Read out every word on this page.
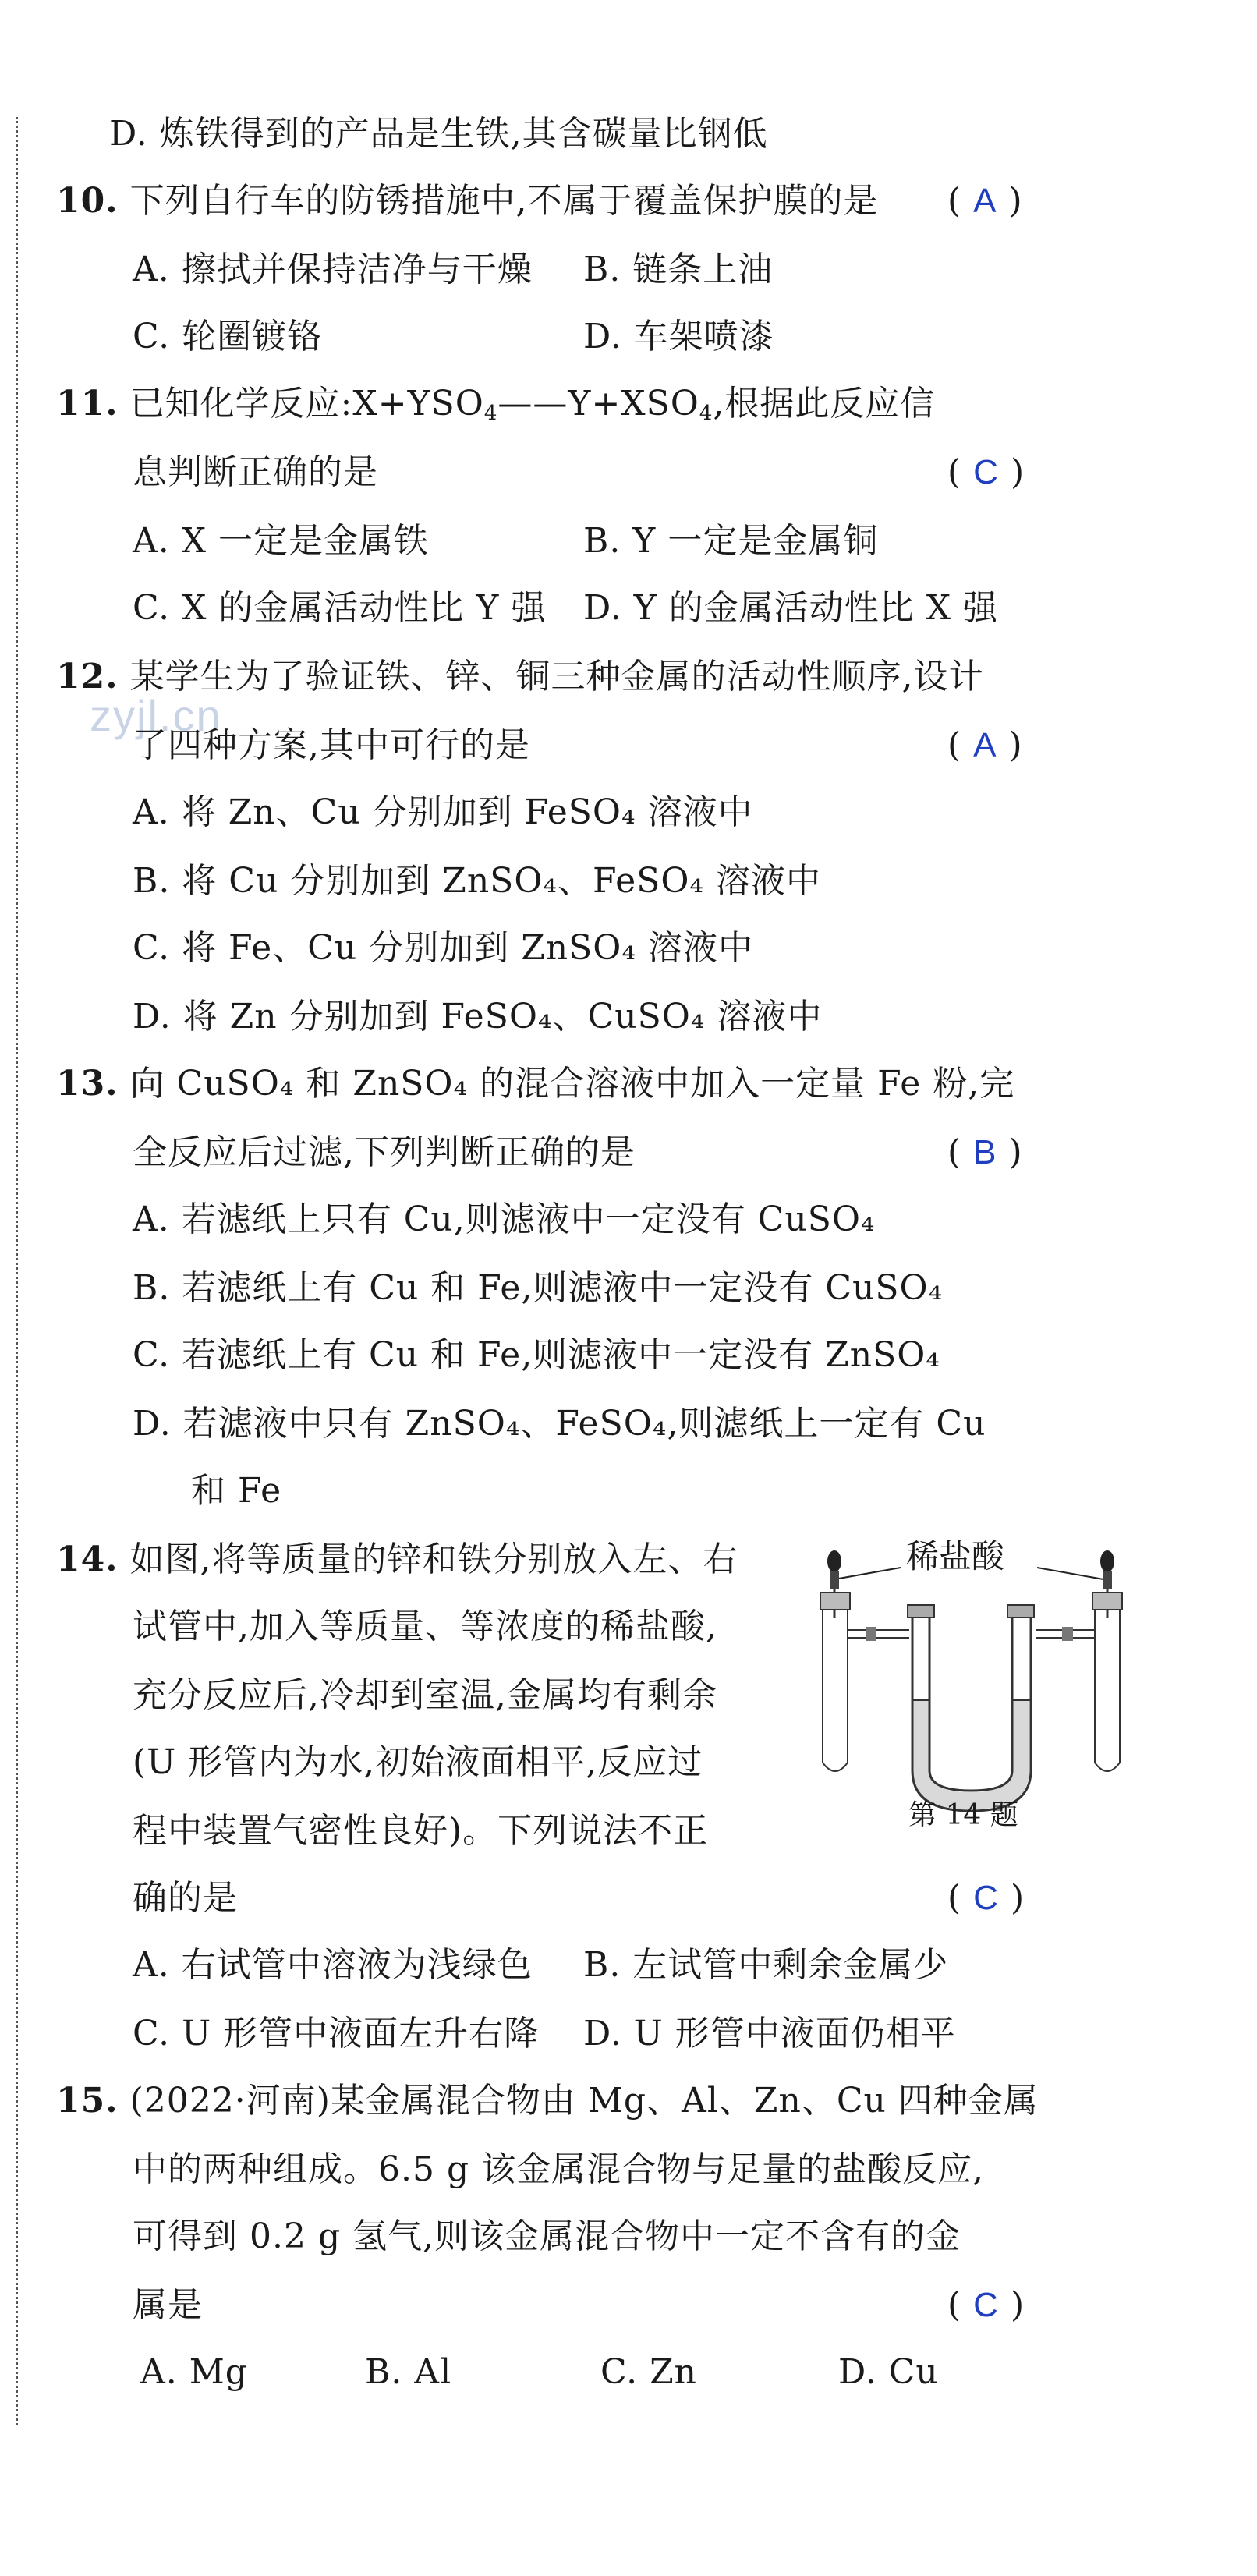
zyjl.cn
D. 炼铁得到的产品是生铁,其含碳量比钢低
10. 下列自行车的防锈措施中,不属于覆盖保护膜的是 ( A )
A. 擦拭并保持洁净与干燥 B. 链条上油
C. 轮圈镀铬	D. 车架喷漆
11. 已知化学反应$:X+YSO_4——Y+XSO_4$,根据此反应信
息判断正确的是	( C )
A. X 一定是金属铁	B. Y 一定是金属铜
C. X 的金属活动性比 Y 强 D. Y 的金属活动性比 X 强
12. 某学生为了验证铁、锌、铜三种金属的活动性顺序,设计
了四种方案,其中可行的是	( A )
A. 将 Zn、Cu 分别加到 FeSO₄ 溶液中
B. 将 Cu 分别加到 ZnSO₄、FeSO₄ 溶液中
C. 将 Fe、Cu 分别加到 ZnSO₄ 溶液中
D. 将 Zn 分别加到 FeSO₄、CuSO₄ 溶液中
13. 向 CuSO₄ 和 ZnSO₄ 的混合溶液中加入一定量 Fe 粉,完
全反应后过滤,下列判断正确的是	( B )
A. 若滤纸上只有 Cu,则滤液中一定没有 CuSO₄
B. 若滤纸上有 Cu 和 Fe,则滤液中一定没有 CuSO₄
C. 若滤纸上有 Cu 和 Fe,则滤液中一定没有 ZnSO₄
D. 若滤液中只有 ZnSO₄、FeSO₄,则滤纸上一定有 Cu
和 Fe
14. 如图,将等质量的锌和铁分别放入左、右
试管中,加入等质量、等浓度的稀盐酸,
充分反应后,冷却到室温,金属均有剩余
(U 形管内为水,初始液面相平,反应过
程中装置气密性良好)。下列说法不正
确的是	( C )
稀盐酸
第 14 题
A. 右试管中溶液为浅绿色 B. 左试管中剩余金属少
C. U 形管中液面左升右降 D. U 形管中液面仍相平
15. (2022·河南)某金属混合物由 Mg、Al、Zn、Cu 四种金属
中的两种组成。6.5 g 该金属混合物与足量的盐酸反应,
可得到 0.2 g 氢气,则该金属混合物中一定不含有的金
属是	( C )
A. Mg	B. Al	C. Zn	D. Cu
